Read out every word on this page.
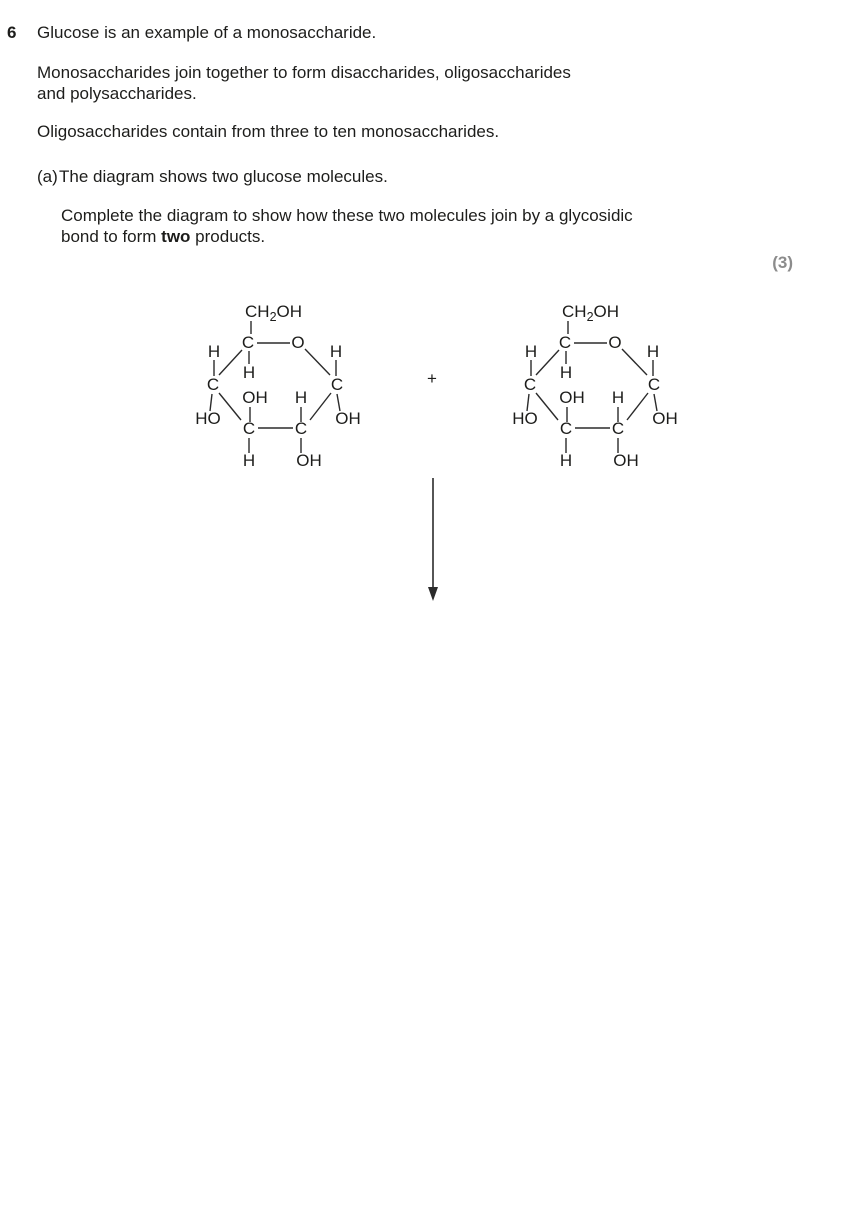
6 Glucose is an example of a monosaccharide.
Monosaccharides join together to form disaccharides, oligosaccharides
and polysaccharides.
Oligosaccharides contain from three to ten monosaccharides.
(a)The diagram shows two glucose molecules.
Complete the diagram to show how these two molecules join by a glycosidic
bond to form two products.
(3)
+
$CH_2OH$
C O
H	H
H
C	C
OH H
HO	OH
C C
H OH
$CH_2OH$
C O
H	H
H
C	C
OH H
HO	OH
C C
H OH
